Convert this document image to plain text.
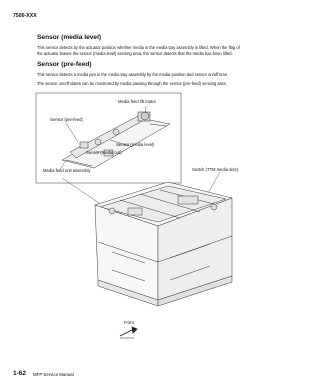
7500-XXX
Sensor (media level)
This sensor detects by the actuator position whether media in the media tray assembly is lifted. When the flag of
the actuator leaves the sensor (media level) sensing area, the sensor detects that the media has been lifted.
Sensor (pre-feed)
This sensor detects a media jam in the media tray assembly by the media position and sensor on/off time.
The sensor on/off states can be monitored by media passing through the sensor (pre-feed) sensing area.
Media feed lift motor
Sensor (pre-feed)
Sensor (media level)
Sensor (media out)
Media feed unit assembly	Switch (TTM media size)
Front
1-62 MFP Service Manual
